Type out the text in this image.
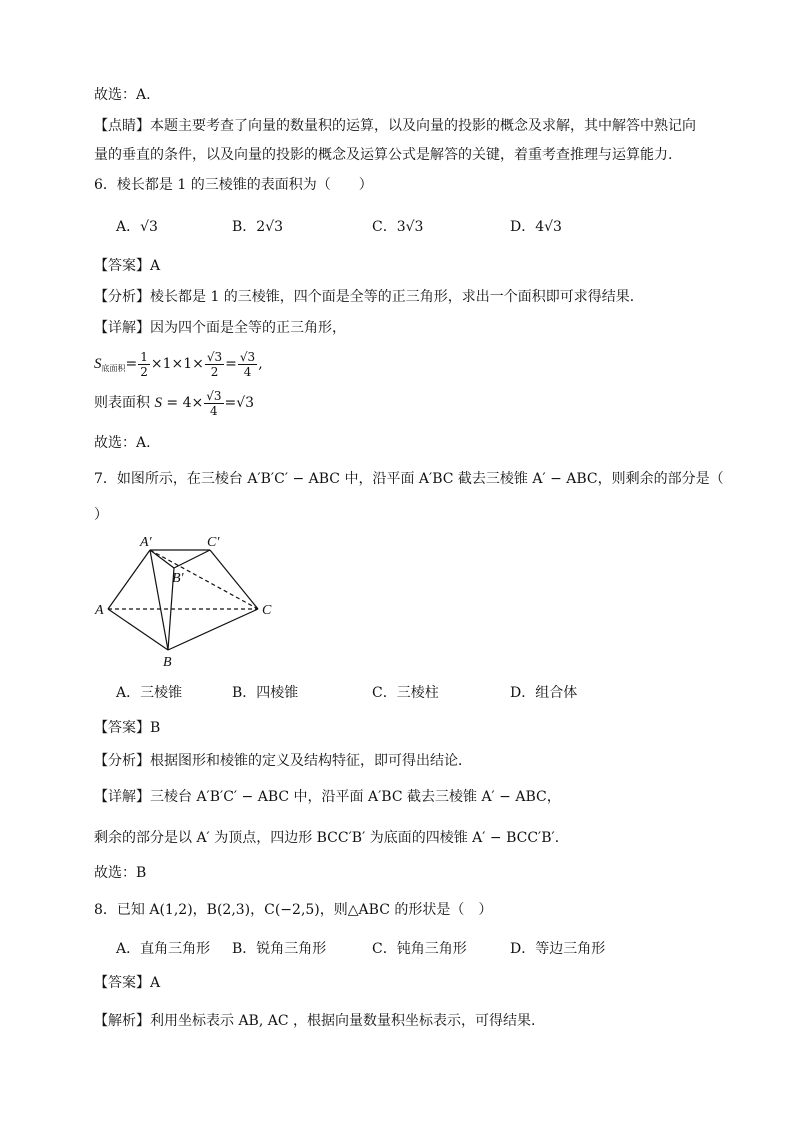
故选：A.
【点睛】本题主要考查了向量的数量积的运算，以及向量的投影的概念及求解，其中解答中熟记向
量的垂直的条件，以及向量的投影的概念及运算公式是解答的关键，着重考查推理与运算能力.
6．棱长都是 1 的三棱锥的表面积为（　　）
A．√3	B．2√3	C．3√3	D．4√3
【答案】A
【分析】棱长都是 1 的三棱锥，四个面是全等的正三角形，求出一个面积即可求得结果．
【详解】因为四个面是全等的正三角形，
$S_{底面积}= \frac{1}{2} \times 1\times 1\times \frac{√3}{2} = \frac{√3}{4}$ ,
则表面积 $S = 4\times \frac{√3}{4} =√3$
故选：A.
7．如图所示，在三棱台 A′B′C′ − ABC 中，沿平面 A′BC 截去三棱锥 A′ − ABC，则剩余的部分是（
）
A′	C′
B′
A
B
C
A．三棱锥	B．四棱锥	C．三棱柱	D．组合体
【答案】B
【分析】根据图形和棱锥的定义及结构特征，即可得出结论．
【详解】三棱台 A′B′C′ − ABC 中，沿平面 A′BC 截去三棱锥 A′ − ABC，
剩余的部分是以 A′ 为顶点，四边形 BCC′B′ 为底面的四棱锥 A′ − BCC′B′．
故选：B
8．已知 A(1,2)，B(2,3)，C(−2,5)，则△ABC 的形状是（　）
A．直角三角形 B．锐角三角形	C．钝角三角形	D．等边三角形
【答案】A
【解析】利用坐标表示 AB, AC ，根据向量数量积坐标表示，可得结果.
